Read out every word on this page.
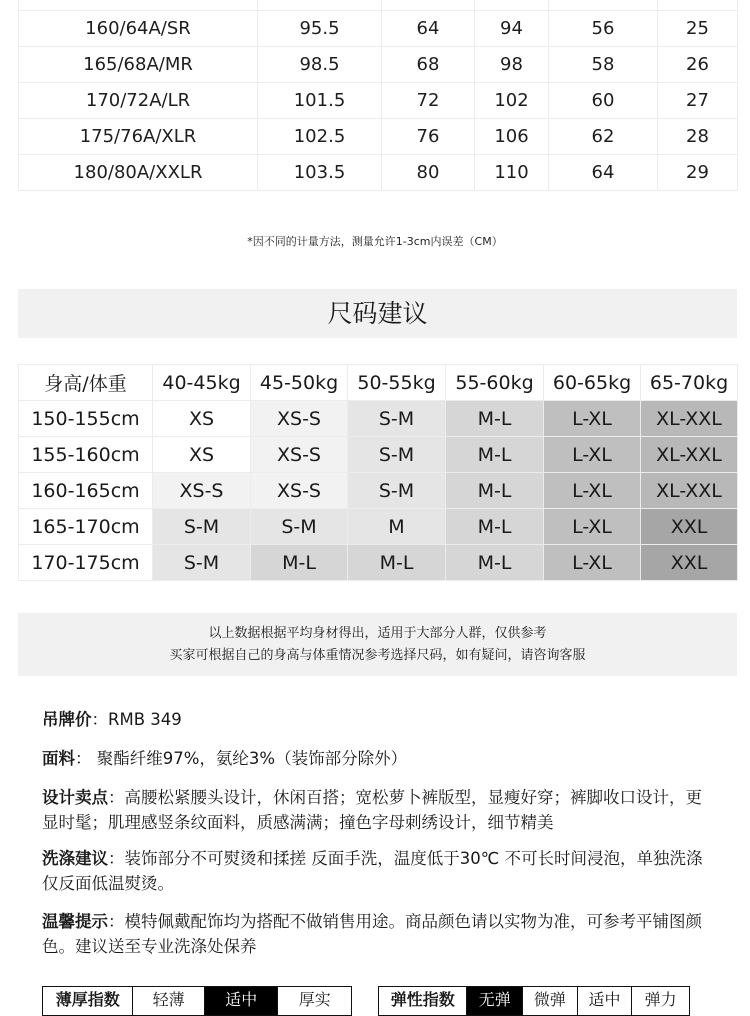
160/64A/SR	95.5	64	94	56	25
165/68A/MR	98.5	68	98	58	26
170/72A/LR	101.5	72	102	60	27
175/76A/XLR	102.5	76	106	62	28
180/80A/XXLR	103.5	80	110	64	29
*因不同的计量方法，测量允许1-3cm内误差（CM）
尺码建议
身高/体重	40-45kg	45-50kg	50-55kg	55-60kg	60-65kg	65-70kg
150-155cm	XS	XS-S	S-M	M-L	L-XL	XL-XXL
155-160cm	XS	XS-S	S-M	M-L	L-XL	XL-XXL
160-165cm	XS-S	XS-S	S-M	M-L	L-XL	XL-XXL
165-170cm	S-M	S-M	M	M-L	L-XL	XXL
170-175cm	S-M	M-L	M-L	M-L	L-XL	XXL
以上数据根据平均身材得出，适用于大部分人群，仅供参考
买家可根据自己的身高与体重情况参考选择尺码，如有疑问，请咨询客服
吊牌价：RMB 349
面料： 聚酯纤维97%，氨纶3%（装饰部分除外）
设计卖点：高腰松紧腰头设计，休闲百搭；宽松萝卜裤版型，显瘦好穿；裤脚收口设计，更显时髦；肌理感竖条纹面料，质感满满；撞色字母刺绣设计，细节精美
洗涤建议：装饰部分不可熨烫和揉搓 反面手洗，温度低于30℃ 不可长时间浸泡，单独洗涤 仅反面低温熨烫。
温馨提示：模特佩戴配饰均为搭配不做销售用途。商品颜色请以实物为准，可参考平铺图颜色。建议送至专业洗涤处保养
薄厚指数	轻薄	适中	厚实	弹性指数	无弹	微弹	适中	弹力
